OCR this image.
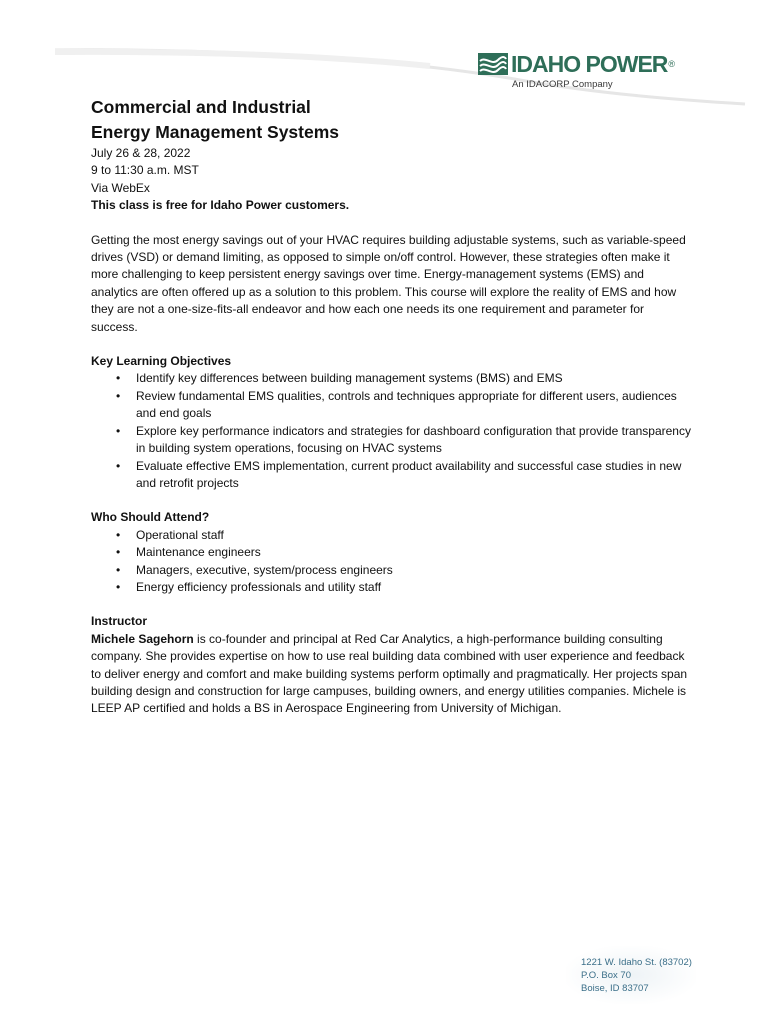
IDAHO POWER ®
An IDACORP Company
Commercial and Industrial
Energy Management Systems

July 26 & 28, 2022

9 to 11:30 a.m. MST

Via WebEx

This class is free for Idaho Power customers.

Getting the most energy savings out of your HVAC requires building adjustable systems, such as variable-speed drives (VSD) or demand limiting, as opposed to simple on/off control. However, these strategies often make it more challenging to keep persistent energy savings over time. Energy-management systems (EMS) and analytics are often offered up as a solution to this problem. This course will explore the reality of EMS and how they are not a one-size-fits-all endeavor and how each one needs its one requirement and parameter for success.

Key Learning Objectives

• Identify key differences between building management systems (BMS) and EMS
• Review fundamental EMS qualities, controls and techniques appropriate for different users, audiences and end goals
• Explore key performance indicators and strategies for dashboard configuration that provide transparency in building system operations, focusing on HVAC systems
• Evaluate effective EMS implementation, current product availability and successful case studies in new and retrofit projects

Who Should Attend?

• Operational staff
• Maintenance engineers
• Managers, executive, system/process engineers
• Energy efficiency professionals and utility staff

Instructor

Michele Sagehorn is co-founder and principal at Red Car Analytics, a high-performance building consulting company. She provides expertise on how to use real building data combined with user experience and feedback to deliver energy and comfort and make building systems perform optimally and pragmatically. Her projects span building design and construction for large campuses, building owners, and energy utilities companies. Michele is LEEP AP certified and holds a BS in Aerospace Engineering from University of Michigan.

1221 W. Idaho St. (83702)

P.O. Box 70

Boise, ID 83707
